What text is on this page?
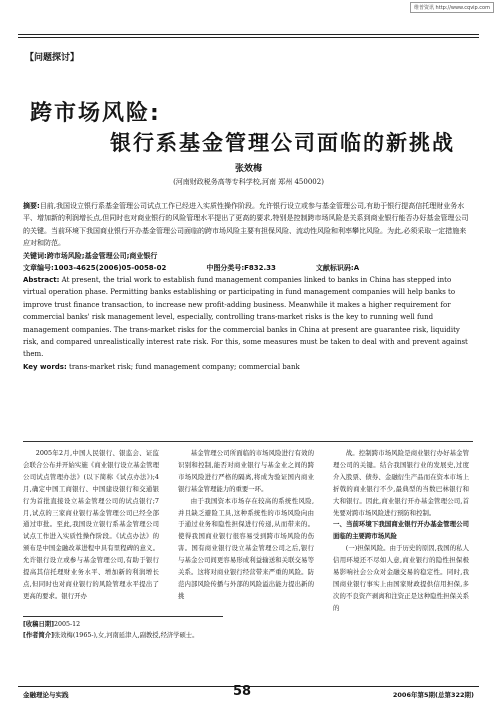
维普资讯 http://www.cqvip.com
【问题探讨】
跨市场风险:
银行系基金管理公司面临的新挑战
张效梅
(河南财政税务高等专科学校,河南 郑州 450002)
摘要:目前,我国设立银行系基金管理公司试点工作已经进入实质性操作阶段。允许银行设立或参与基金管理公司,有助于银行提高信托理财业务水平、增加新的利润增长点,但同时也对商业银行的风险管理水平提出了更高的要求,特别是控制跨市场风险是关系到商业银行能否办好基金管理公司的关键。当前环境下我国商业银行开办基金管理公司面临的跨市场风险主要有担保风险、流动性风险和利率攀比风险。为此,必须采取一定措施来应对和防范。
关键词:跨市场风险;基金管理公司;商业银行
文章编号:1003-4625(2006)05-0058-02	中图分类号:F832.33	文献标识码:A
Abstract: At present, the trial work to establish fund management companies linked to banks in China has stepped into virtual operation phase. Permitting banks establishing or participating in fund management companies will help banks to improve trust finance transaction, to increase new profit-adding business. Meanwhile it makes a higher requirement for commercial banks' risk management level, especially, controlling trans-market risks is the key to running well fund management companies. The trans-market risks for the commercial banks in China at present are guarantee risk, liquidity risk, and compared unrealistically interest rate risk. For this, some measures must be taken to deal with and prevent against them.
Key words: trans-market risk; fund management company; commercial bank

2005年2月,中国人民银行、银监会、证监会联合公布并开始实施《商业银行设立基金管理公司试点管理办法》(以下简称《试点办法》);4月,确定中国工商银行、中国建设银行和交通银行为首批直接设立基金管理公司的试点银行;7月,试点的三家商业银行基金管理公司已经全部通过审批。至此,我国设立银行系基金管理公司试点工作进入实质性操作阶段。《试点办法》的颁布是中国金融改革进程中具有里程碑的意义。允许银行设立或参与基金管理公司,有助于银行提高其信托理财业务水平、增加新的利润增长点,但同时也对商业银行的风险管理水平提出了更高的要求。银行开办

基金管理公司所面临的市场风险进行有效的识别和控制,能否对商业银行与基金业之间的跨市场风险进行严格的隔离,将成为验证国内商业银行基金管理能力的重要一环。

由于我国资本市场存在较高的系统性风险,并且缺乏避险工具,这种系统性的市场风险向由于通过业务和隐性担保进行传递,从而带来的。使得我国商业银行很容易受到跨市场风险的伤害。国有商业银行设立基金管理公司之后,银行与基金公司间更容易形成利益输送和关联交易等关系。这将对商业银行经营带来严重的风险。防范内部风险传播与外部的风险溢出能力提出新的挑

战。控制跨市场风险是商业银行办好基金管理公司的关键。结合我国银行业的发展史,过度介入股票、债券、金融衍生产品而在资本市场上折戟的商业银行不少,最典型的当数巴林银行和大和银行。因此,商业银行开办基金管理公司,首先要对跨市场风险进行预防和控制。

一、当前环境下我国商业银行开办基金管理公司面临的主要跨市场风险

(一)担保风险。由于历史的原因,我国的私人信用环境还不尽如人意,商业银行的隐性担保极易影响社会公众对金融交易的稳定性。同时,我国商业银行事实上由国家财政提供信用担保,多次的不良资产剥离和注资正是这种隐性担保关系的

[收稿日期]2005-12
[作者简介]张效梅(1965-),女,河南延津人,副教授,经济学硕士。
金融理论与实践	58	2006年第5期(总第322期)
